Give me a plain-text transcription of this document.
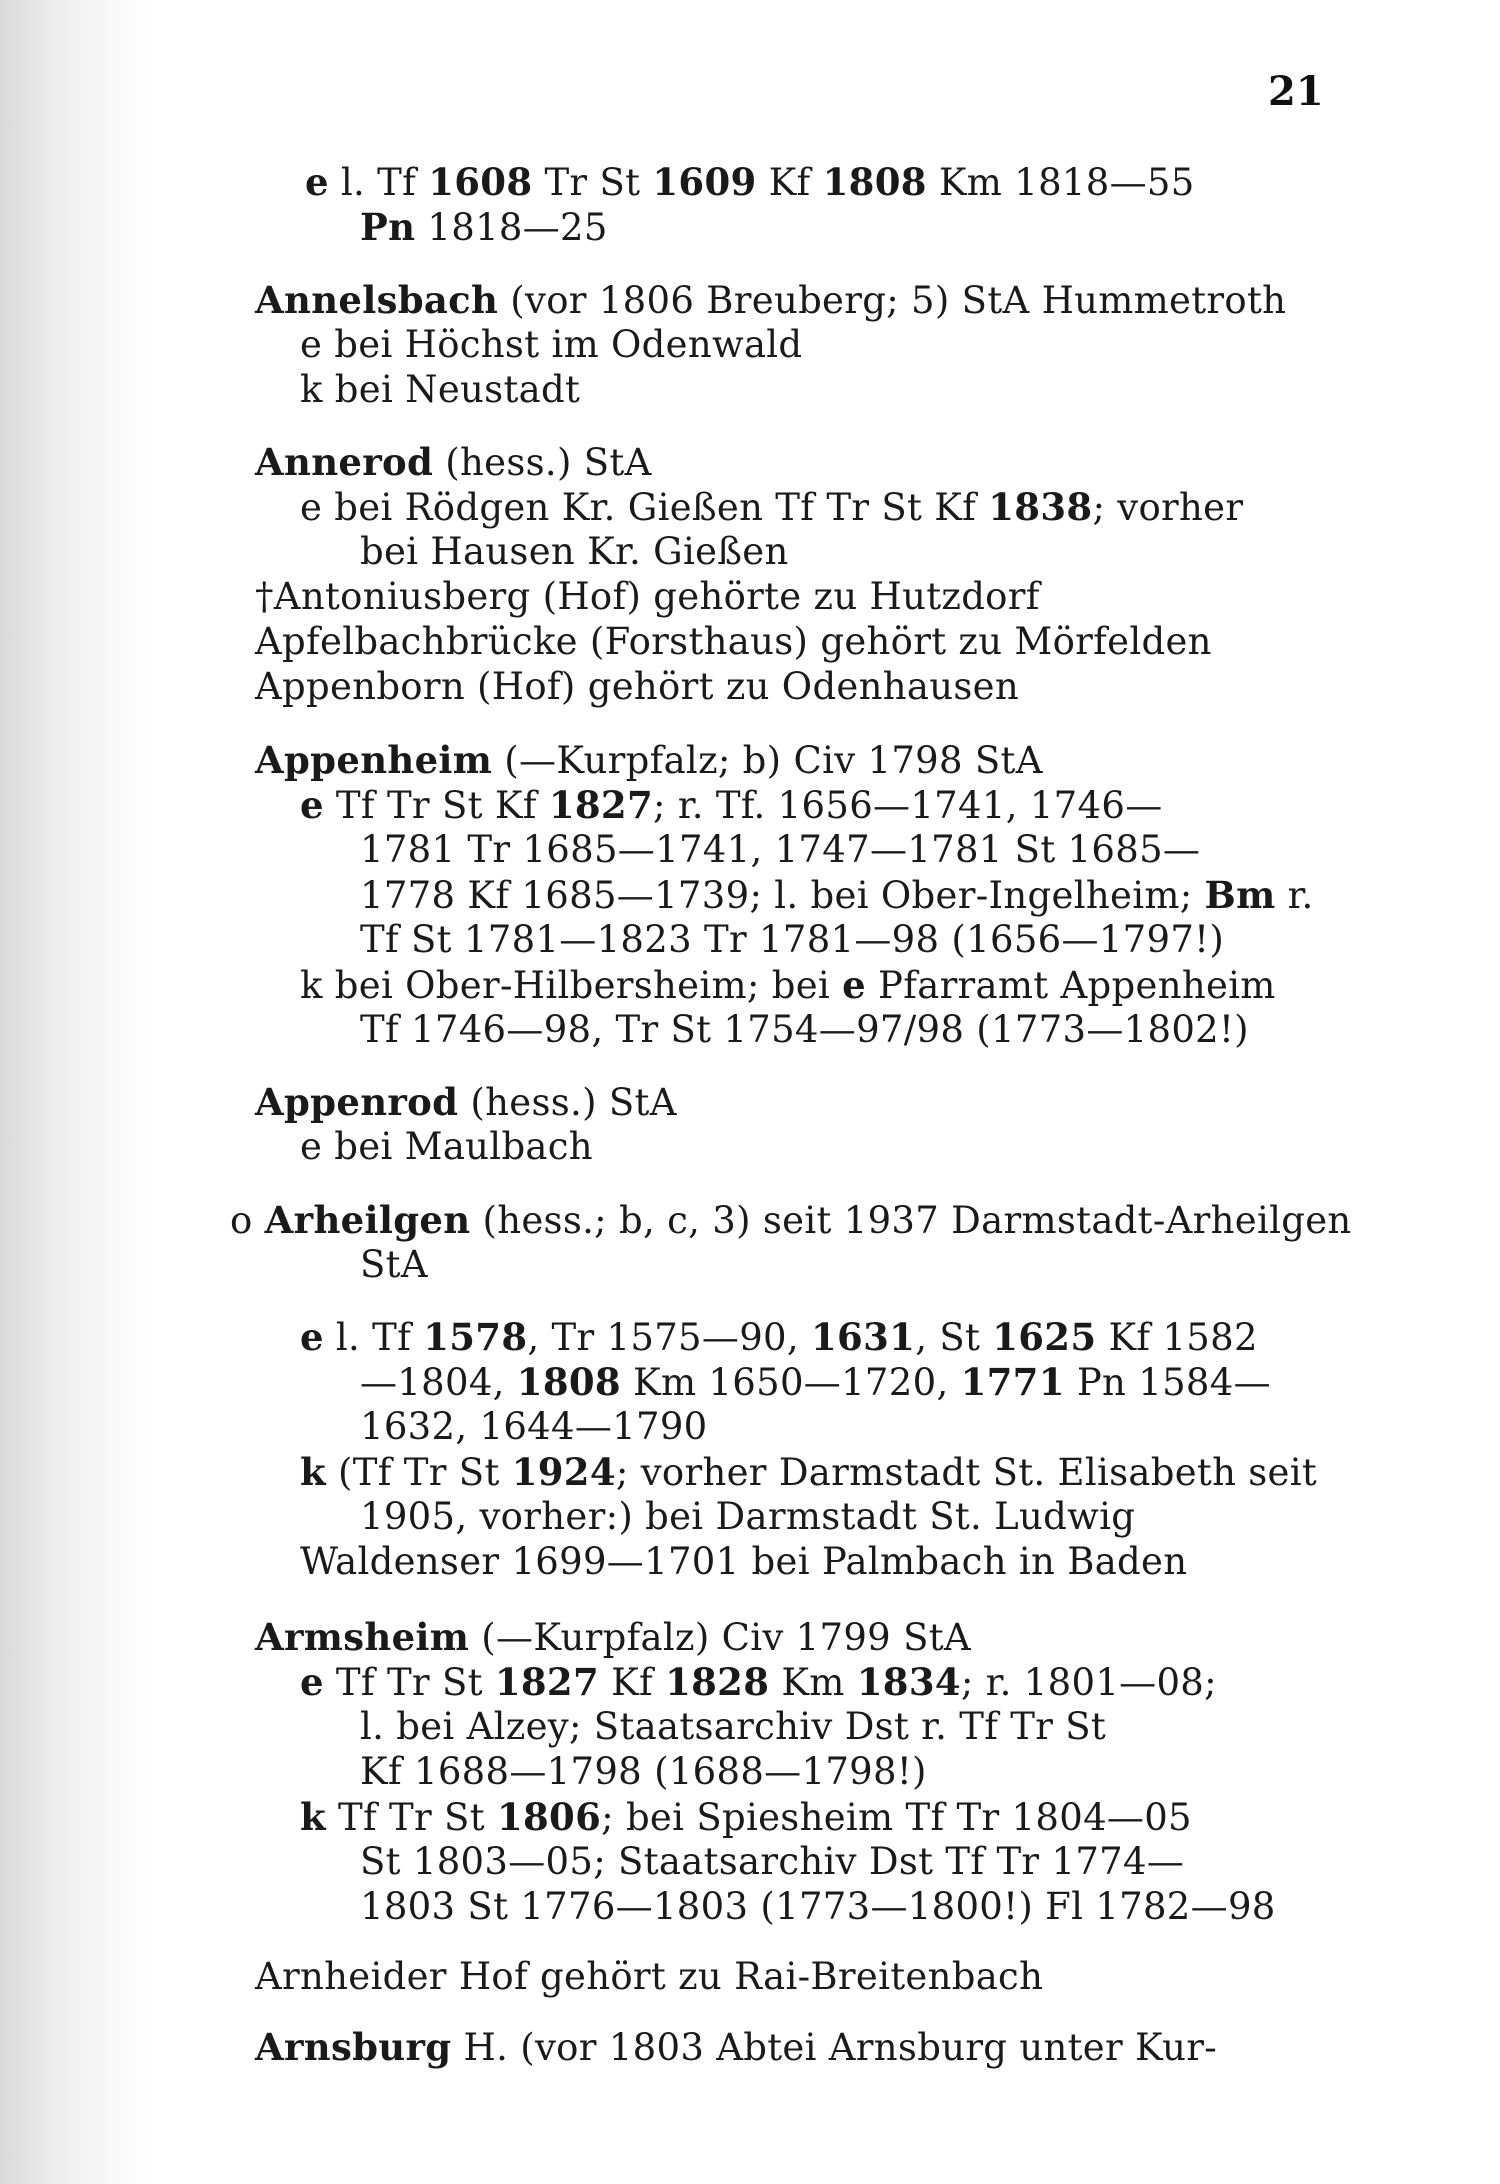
21
e l. Tf 1608 Tr St 1609 Kf 1808 Km 1818—55
Pn 1818—25
Annelsbach (vor 1806 Breuberg; 5) StA Hummetroth
e bei Höchst im Odenwald
k bei Neustadt
Annerod (hess.) StA
e bei Rödgen Kr. Gießen Tf Tr St Kf 1838; vorher
bei Hausen Kr. Gießen
†Antoniusberg (Hof) gehörte zu Hutzdorf
Apfelbachbrücke (Forsthaus) gehört zu Mörfelden
Appenborn (Hof) gehört zu Odenhausen
Appenheim (—Kurpfalz; b) Civ 1798 StA
e Tf Tr St Kf 1827; r. Tf. 1656—1741, 1746—
1781 Tr 1685—1741, 1747—1781 St 1685—
1778 Kf 1685—1739; l. bei Ober-Ingelheim; Bm r.
Tf St 1781—1823 Tr 1781—98 (1656—1797!)
k bei Ober-Hilbersheim; bei e Pfarramt Appenheim
Tf 1746—98, Tr St 1754—97/98 (1773—1802!)
Appenrod (hess.) StA
e bei Maulbach
o Arheilgen (hess.; b, c, 3) seit 1937 Darmstadt-Arheilgen
StA
e l. Tf 1578, Tr 1575—90, 1631, St 1625 Kf 1582
—1804, 1808 Km 1650—1720, 1771 Pn 1584—
1632, 1644—1790
k (Tf Tr St 1924; vorher Darmstadt St. Elisabeth seit
1905, vorher:) bei Darmstadt St. Ludwig
Waldenser 1699—1701 bei Palmbach in Baden
Armsheim (—Kurpfalz) Civ 1799 StA
e Tf Tr St 1827 Kf 1828 Km 1834; r. 1801—08;
l. bei Alzey; Staatsarchiv Dst r. Tf Tr St
Kf 1688—1798 (1688—1798!)
k Tf Tr St 1806; bei Spiesheim Tf Tr 1804—05
St 1803—05; Staatsarchiv Dst Tf Tr 1774—
1803 St 1776—1803 (1773—1800!) Fl 1782—98
Arnheider Hof gehört zu Rai-Breitenbach
Arnsburg H. (vor 1803 Abtei Arnsburg unter Kur-
